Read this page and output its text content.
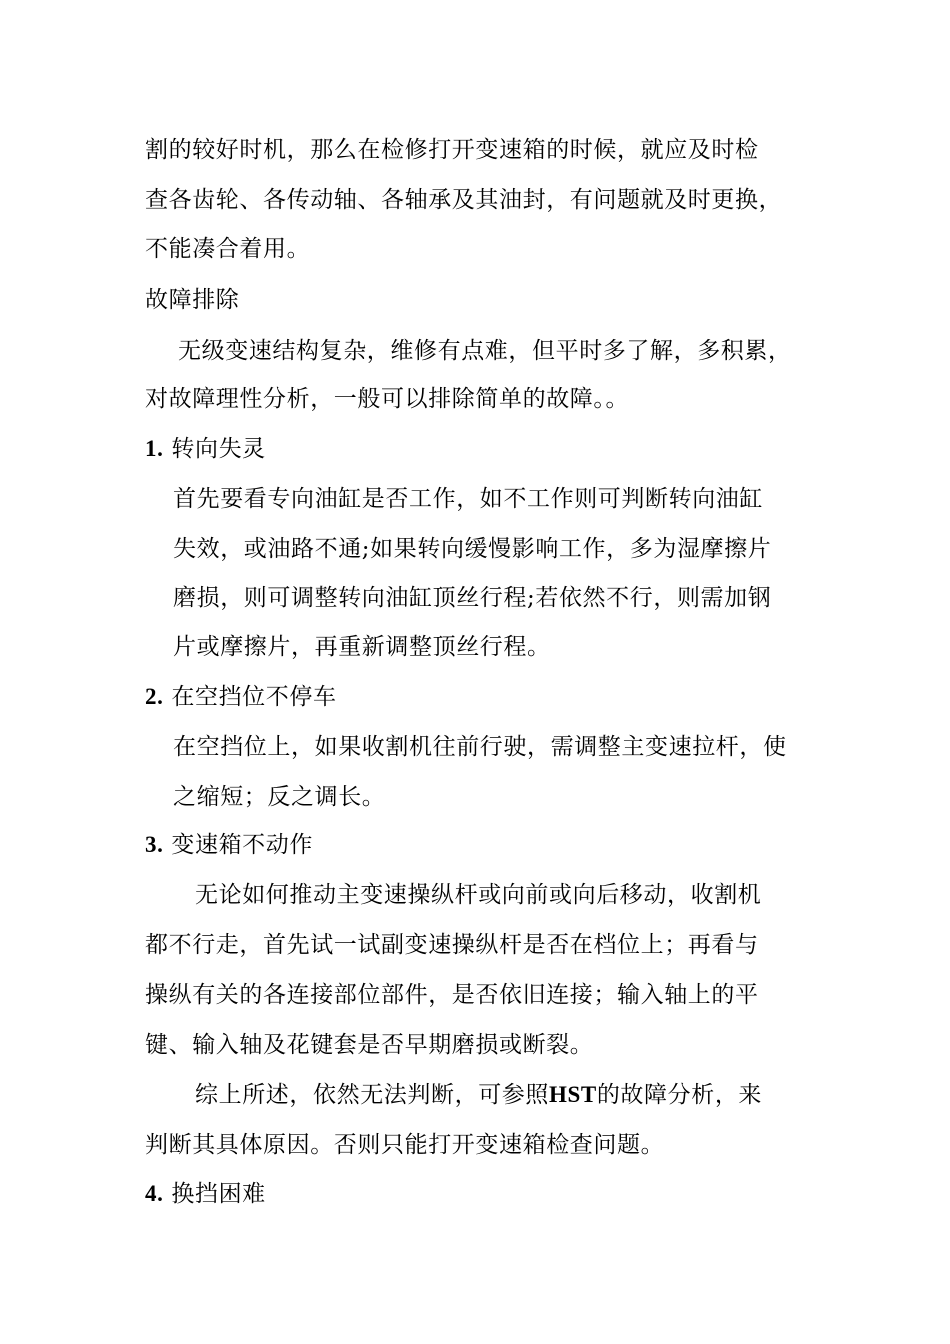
割的较好时机，那么在检修打开变速箱的时候，就应及时检
查各齿轮、各传动轴、各轴承及其油封，有问题就及时更换，
不能凑合着用。
故障排除
无级变速结构复杂，维修有点难，但平时多了解，多积累，
对故障理性分析，一般可以排除简单的故障。。
1. 转向失灵
首先要看专向油缸是否工作，如不工作则可判断转向油缸
失效，或油路不通;如果转向缓慢影响工作，多为湿摩擦片
磨损，则可调整转向油缸顶丝行程;若依然不行，则需加钢
片或摩擦片，再重新调整顶丝行程。
2. 在空挡位不停车
在空挡位上，如果收割机往前行驶，需调整主变速拉杆，使
之缩短；反之调长。
3. 变速箱不动作
无论如何推动主变速操纵杆或向前或向后移动，收割机
都不行走，首先试一试副变速操纵杆是否在档位上；再看与
操纵有关的各连接部位部件，是否依旧连接；输入轴上的平
键、输入轴及花键套是否早期磨损或断裂。
综上所述，依然无法判断，可参照HST的故障分析，来
判断其具体原因。否则只能打开变速箱检查问题。
4. 换挡困难
